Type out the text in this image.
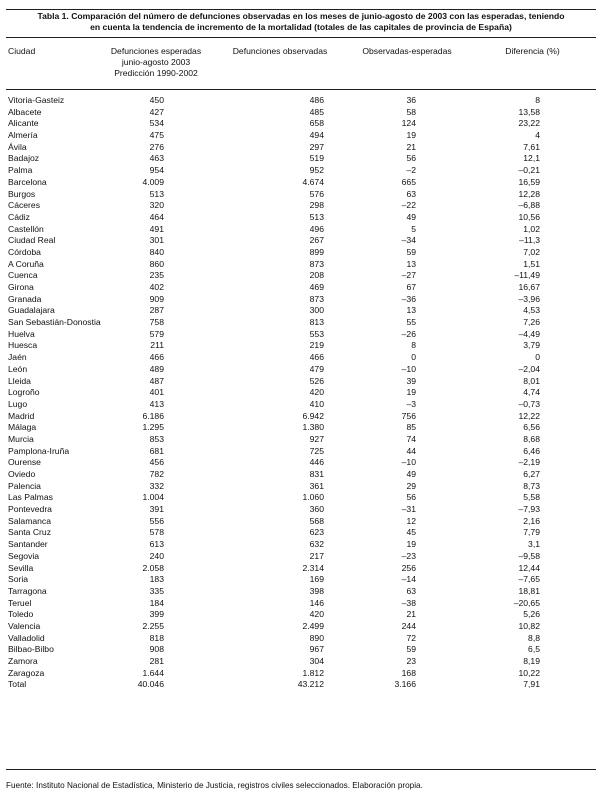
Tabla 1. Comparación del número de defunciones observadas en los meses de junio-agosto de 2003 con las esperadas, teniendo
en cuenta la tendencia de incremento de la mortalidad (totales de las capitales de provincia de España)
Ciudad	Defunciones esperadas
junio-agosto 2003
Predicción 1990-2002
Defunciones observadas	Observadas-esperadas	Diferencia (%)
Vitoria-Gasteiz	450	486	36	8
Albacete	427	485	58	13,58
Alicante	534	658	124	23,22
Almería	475	494	19	4
Ávila	276	297	21	7,61
Badajoz	463	519	56	12,1
Palma	954	952	–2	–0,21
Barcelona	4.009	4.674	665	16,59
Burgos	513	576	63	12,28
Cáceres	320	298	–22	–6,88
Cádiz	464	513	49	10,56
Castellón	491	496	5	1,02
Ciudad Real	301	267	–34	–11,3
Córdoba	840	899	59	7,02
A Coruña	860	873	13	1,51
Cuenca	235	208	–27	–11,49
Girona	402	469	67	16,67
Granada	909	873	–36	–3,96
Guadalajara	287	300	13	4,53
San Sebastián-Donostia	758	813	55	7,26
Huelva	579	553	–26	–4,49
Huesca	211	219	8	3,79
Jaén	466	466	0	0
León	489	479	–10	–2,04
Lleida	487	526	39	8,01
Logroño	401	420	19	4,74
Lugo	413	410	–3	–0,73
Madrid	6.186	6.942	756	12,22
Málaga	1.295	1.380	85	6,56
Murcia	853	927	74	8,68
Pamplona-Iruña	681	725	44	6,46
Ourense	456	446	–10	–2,19
Oviedo	782	831	49	6,27
Palencia	332	361	29	8,73
Las Palmas	1.004	1.060	56	5,58
Pontevedra	391	360	–31	–7,93
Salamanca	556	568	12	2,16
Santa Cruz	578	623	45	7,79
Santander	613	632	19	3,1
Segovia	240	217	–23	–9,58
Sevilla	2.058	2.314	256	12,44
Soria	183	169	–14	–7,65
Tarragona	335	398	63	18,81
Teruel	184	146	–38	–20,65
Toledo	399	420	21	5,26
Valencia	2.255	2.499	244	10,82
Valladolid	818	890	72	8,8
Bilbao-Bilbo	908	967	59	6,5
Zamora	281	304	23	8,19
Zaragoza	1.644	1.812	168	10,22
Total	40.046	43.212	3.166	7,91
Fuente: Instituto Nacional de Estadística, Ministerio de Justicia, registros civiles seleccionados. Elaboración propia.
